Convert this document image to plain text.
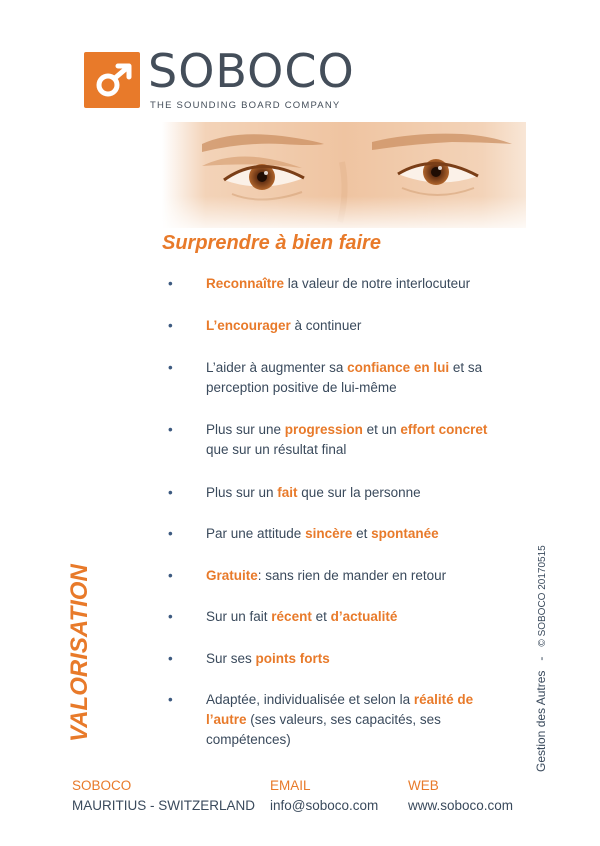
SOBOCO
THE SOUNDING BOARD COMPANY
Surprendre à bien faire
• Reconnaître la valeur de notre interlocuteur
• L’encourager à continuer
• L’aider à augmenter sa confiance en lui et sa perception positive de lui-même
• Plus sur une progression et un effort concret que sur un résultat final
• Plus sur un fait que sur la personne
• Par une attitude sincère et spontanée
• Gratuite: sans rien de mander en retour
• Sur un fait récent et d’actualité
• Sur ses points forts
• Adaptée, individualisée et selon la réalité de l’autre (ses valeurs, ses capacités, ses compétences)
VALORISATION	Gestion des Autres   -   © SOBOCO 20170515
SOBOCO
MAURITIUS - SWITZERLAND
EMAIL
info@soboco.com
WEB
www.soboco.com
